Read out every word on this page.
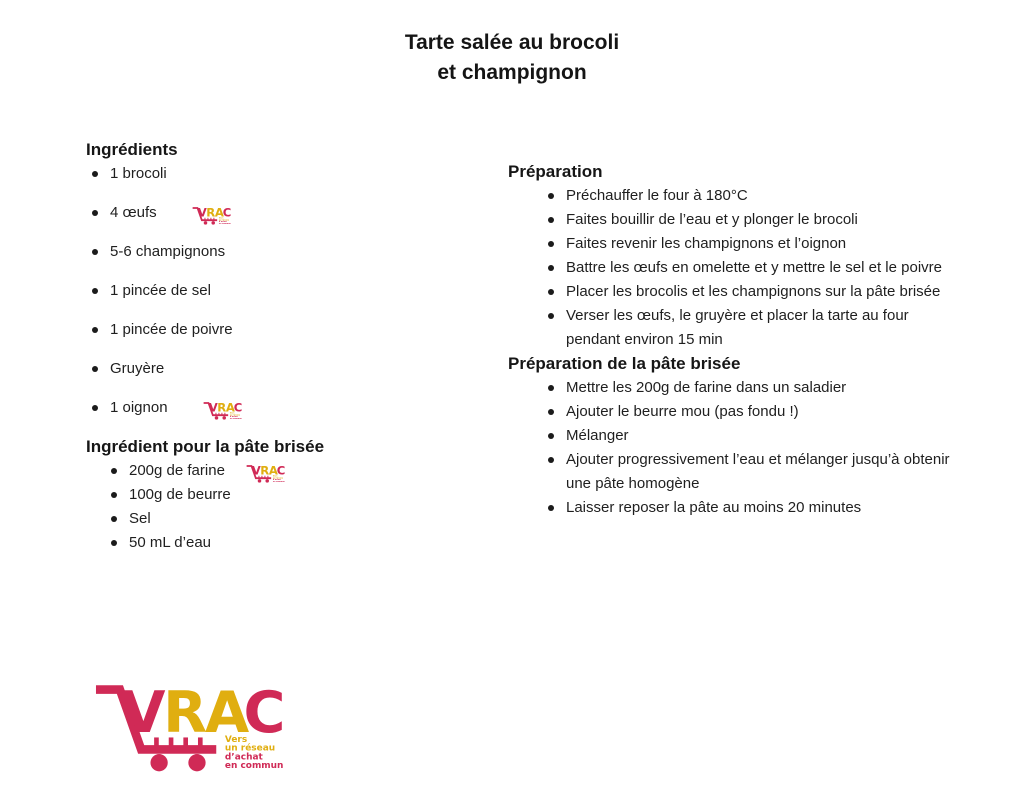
Tarte salée au brocoli
et champignon
Ingrédients
1 brocoli
4 œufs
5-6 champignons
1 pincée de sel
1 pincée de poivre
Gruyère
1 oignon
Ingrédient pour la pâte brisée
200g de farine
100g de beurre
Sel
50 mL d’eau
Préparation
Préchauffer le four à 180°C
Faites bouillir de l’eau et y plonger le brocoli
Faites revenir les champignons et l’oignon
Battre les œufs en omelette et y mettre le sel et le poivre
Placer les brocolis et les champignons sur la pâte brisée
Verser les œufs, le gruyère et placer la tarte au four pendant environ 15 min
Préparation de la pâte brisée
Mettre les 200g de farine dans un saladier
Ajouter le beurre mou (pas fondu !)
Mélanger
Ajouter progressivement l’eau et mélanger jusqu’à obtenir une pâte homogène
Laisser reposer la pâte au moins 20 minutes
